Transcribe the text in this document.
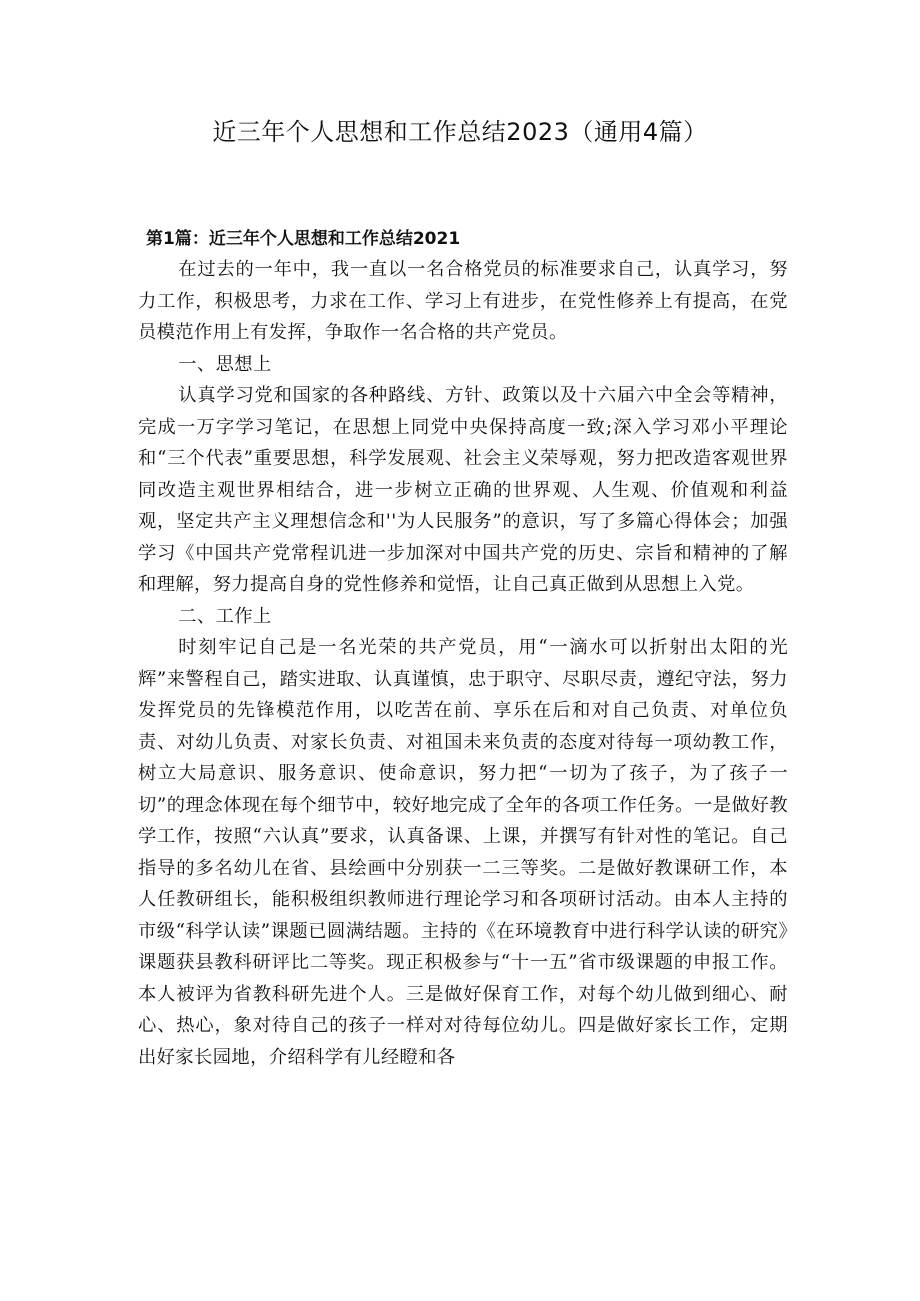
近三年个人思想和工作总结2023（通用4篇）
第1篇：近三年个人思想和工作总结2021

在过去的一年中，我一直以一名合格党员的标准要求自己，认真学习，努力工作，积极思考，力求在工作、学习上有进步，在党性修养上有提高，在党员模范作用上有发挥，争取作一名合格的共产党员。

一、思想上

认真学习党和国家的各种路线、方针、政策以及十六届六中全会等精神，完成一万字学习笔记，在思想上同党中央保持高度一致;深入学习邓小平理论和“三个代表”重要思想，科学发展观、社会主义荣辱观，努力把改造客观世界同改造主观世界相结合，进一步树立正确的世界观、人生观、价值观和利益观，坚定共产主义理想信念和''为人民服务”的意识，写了多篇心得体会；加强学习《中国共产党常程讥进一步加深对中国共产党的历史、宗旨和精神的了解和理解，努力提高自身的党性修养和觉悟，让自己真正做到从思想上入党。

二、工作上

时刻牢记自己是一名光荣的共产党员，用“一滴水可以折射出太阳的光辉”来警程自己，踏实进取、认真谨慎，忠于职守、尽职尽责，遵纪守法，努力发挥党员的先锋模范作用，以吃苦在前、享乐在后和对自己负责、对单位负责、对幼儿负责、对家长负责、对祖国未来负责的态度对待每一项幼教工作，树立大局意识、服务意识、使命意识，努力把“一切为了孩子，为了孩子一切”的理念体现在每个细节中，较好地完成了全年的各项工作任务。一是做好教学工作，按照“六认真”要求，认真备课、上课，并撰写有针对性的笔记。自己指导的多名幼儿在省、县绘画中分别获一二三等奖。二是做好教课研工作，本人任教研组长，能积极组织教师进行理论学习和各项研讨活动。由本人主持的市级“科学认读”课题已圆满结题。主持的《在环境教育中进行科学认读的研究》课题获县教科研评比二等奖。现正积极参与“十一五”省市级课题的申报工作。本人被评为省教科研先进个人。三是做好保育工作，对每个幼儿做到细心、耐心、热心，象对待自己的孩子一样对对待每位幼儿。四是做好家长工作，定期出好家长园地，介绍科学有儿经瞪和各
